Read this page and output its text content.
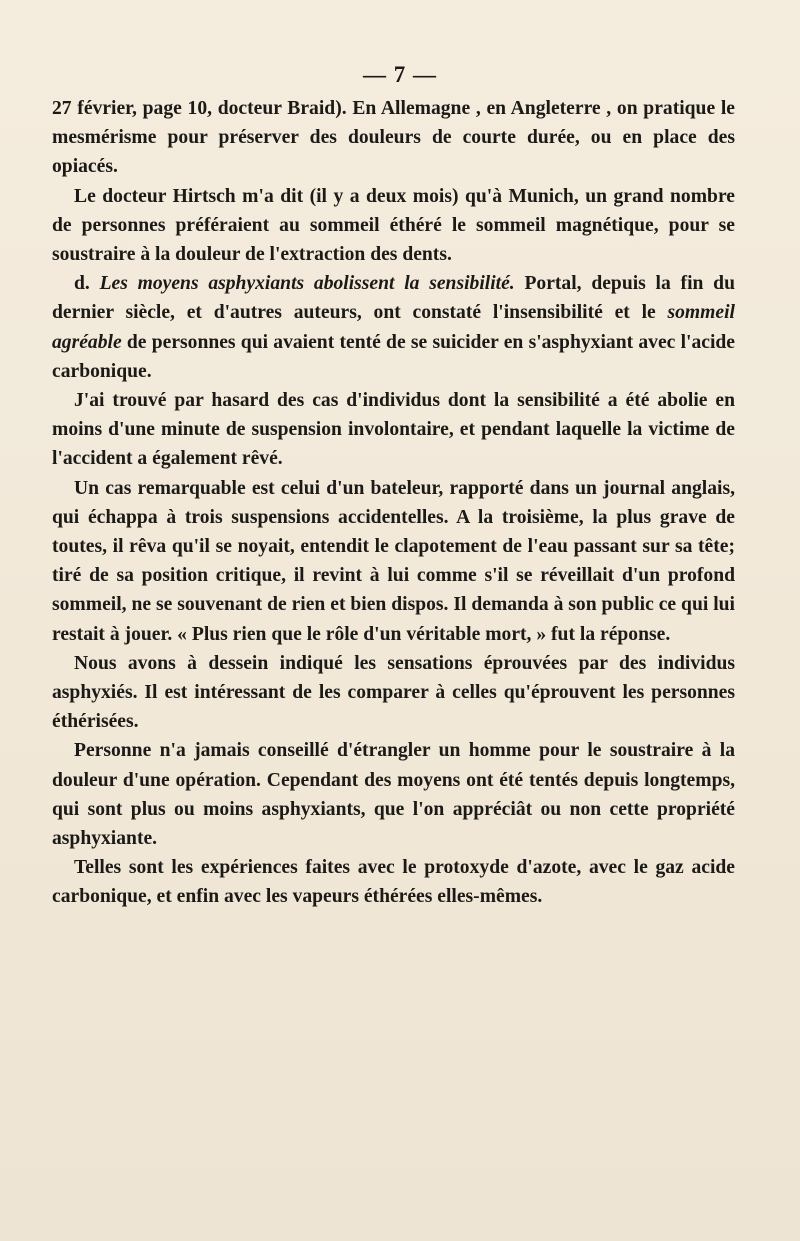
— 7 —

27 février, page 10, docteur Braid). En Allemagne , en Angleterre , on pratique le mesmérisme pour préserver des douleurs de courte durée, ou en place des opiacés.

Le docteur Hirtsch m'a dit (il y a deux mois) qu'à Munich, un grand nombre de personnes préféraient au sommeil éthéré le sommeil magnétique, pour se soustraire à la douleur de l'extraction des dents.

d. Les moyens asphyxiants abolissent la sensibilité. Portal, depuis la fin du dernier siècle, et d'autres auteurs, ont constaté l'insensibilité et le sommeil agréable de personnes qui avaient tenté de se suicider en s'asphyxiant avec l'acide carbonique.

J'ai trouvé par hasard des cas d'individus dont la sensibilité a été abolie en moins d'une minute de suspension involontaire, et pendant laquelle la victime de l'accident a également rêvé.

Un cas remarquable est celui d'un bateleur, rapporté dans un journal anglais, qui échappa à trois suspensions accidentelles. A la troisième, la plus grave de toutes, il rêva qu'il se noyait, entendit le clapotement de l'eau passant sur sa tête; tiré de sa position critique, il revint à lui comme s'il se réveillait d'un profond sommeil, ne se souvenant de rien et bien dispos. Il demanda à son public ce qui lui restait à jouer. « Plus rien que le rôle d'un véritable mort, » fut la réponse.

Nous avons à dessein indiqué les sensations éprouvées par des individus asphyxiés. Il est intéressant de les comparer à celles qu'éprouvent les personnes éthérisées.

Personne n'a jamais conseillé d'étrangler un homme pour le soustraire à la douleur d'une opération. Cependant des moyens ont été tentés depuis longtemps, qui sont plus ou moins asphyxiants, que l'on appréciât ou non cette propriété asphyxiante.

Telles sont les expériences faites avec le protoxyde d'azote, avec le gaz acide carbonique, et enfin avec les vapeurs éthérées elles-mêmes.
